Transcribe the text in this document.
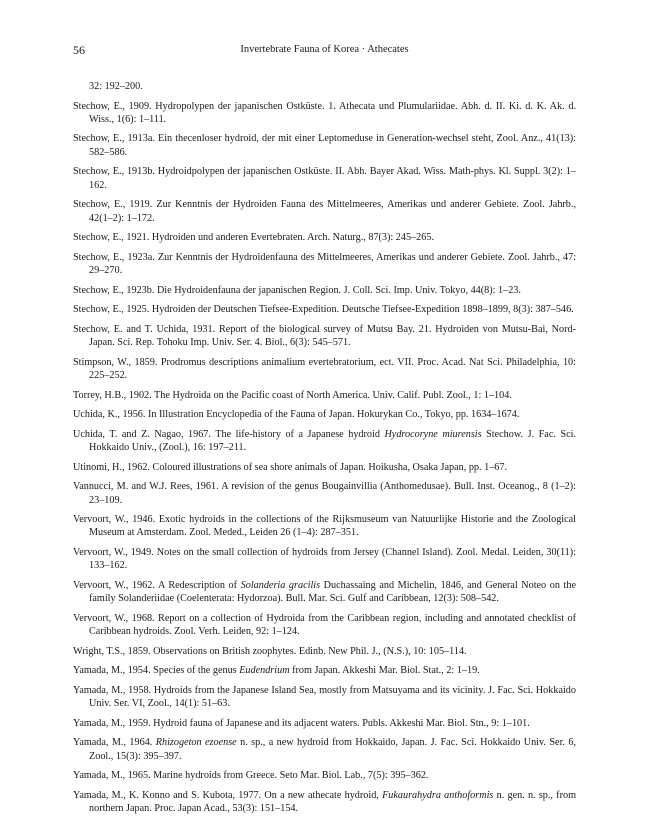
56	Invertebrate Fauna of Korea · Athecates

32: 192–200.

Stechow, E., 1909. Hydropolypen der japanischen Ostküste. 1. Athecata und Plumulariidae. Abh. d. II. Ki. d. K. Ak. d. Wiss., 1(6): 1–111.

Stechow, E., 1913a. Ein thecenloser hydroid, der mit einer Leptomeduse in Generation-wechsel steht, Zool. Anz., 41(13): 582–586.

Stechow, E., 1913b. Hydroidpolypen der japanischen Ostküste. II. Abh. Bayer Akad. Wiss. Math-phys. Kl. Suppl. 3(2): 1–162.

Stechow, E., 1919. Zur Kenntnis der Hydroiden Fauna des Mittelmeeres, Amerikas und anderer Gebiete. Zool. Jahrb., 42(1–2): 1–172.

Stechow, E., 1921. Hydroiden und anderen Evertebraten. Arch. Naturg., 87(3): 245–265.

Stechow, E., 1923a. Zur Kenntnis der Hydroidenfauna des Mittelmeeres, Amerikas und anderer Gebiete. Zool. Jahrb., 47: 29–270.

Stechow, E., 1923b. Die Hydroidenfauna der japanischen Region. J. Coll. Sci. Imp. Univ. Tokyo, 44(8): 1–23.

Stechow, E., 1925. Hydroiden der Deutschen Tiefsee-Expedition. Deutsche Tiefsee-Expedition 1898–1899, 8(3): 387–546.

Stechow, E. and T. Uchida, 1931. Report of the biological survey of Mutsu Bay. 21. Hydroiden von Mutsu-Bai, Nord-Japan. Sci. Rep. Tohoku Imp. Univ. Ser. 4. Biol., 6(3): 545–571.

Stimpson, W., 1859. Prodromus descriptions animalium evertebratorium, ect. VII. Proc. Acad. Nat Sci. Philadelphia, 10: 225–252.

Torrey, H.B., 1902. The Hydroida on the Pacific coast of North America. Univ. Calif. Publ. Zool., 1: 1–104.

Uchida, K., 1956. In Illustration Encyclopedia of the Fauna of Japan. Hokurykan Co., Tokyo, pp. 1634–1674.

Uchida, T. and Z. Nagao, 1967. The life-history of a Japanese hydroid Hydrocoryne miurensis Stechow. J. Fac. Sci. Hokkaido Univ., (Zool.), 16: 197–211.

Utinomi, H., 1962. Coloured illustrations of sea shore animals of Japan. Hoikusha, Osaka Japan, pp. 1–67.

Vannucci, M. and W.J. Rees, 1961. A revision of the genus Bougainvillia (Anthomedusae). Bull. Inst. Oceanog., 8 (1–2): 23–109.

Vervoort, W., 1946. Exotic hydroids in the collections of the Rijksmuseum van Natuurlijke Historie and the Zoological Museum at Amsterdam. Zool. Meded., Leiden 26 (1–4): 287–351.

Vervoort, W., 1949. Notes on the small collection of hydroids from Jersey (Channel Island). Zool. Medal. Leiden, 30(11): 133–162.

Vervoort, W., 1962. A Redescription of Solanderia gracilis Duchassaing and Michelin, 1846, and General Noteo on the family Solanderiidae (Coelenterata: Hydorzoa). Bull. Mar. Sci. Gulf and Caribbean, 12(3): 508–542.

Vervoort, W., 1968. Report on a collection of Hydroida from the Caribbean region, including and annotated checklist of Caribbean hydroids. Zool. Verh. Leiden, 92: 1–124.

Wright, T.S., 1859. Observations on British zoophytes. Edinb. New Phil. J., (N.S.), 10: 105–114.

Yamada, M., 1954. Species of the genus Eudendrium from Japan. Akkeshi Mar. Biol. Stat., 2: 1–19.

Yamada, M., 1958. Hydroids from the Japanese Island Sea, mostly from Matsuyama and its vicinity. J. Fac. Sci. Hokkaido Univ. Ser. VI, Zool., 14(1): 51–63.

Yamada, M., 1959. Hydroid fauna of Japanese and its adjacent waters. Publs. Akkeshi Mar. Biol. Stn., 9: 1–101.

Yamada, M., 1964. Rhizogeton ezoense n. sp., a new hydroid from Hokkaido, Japan. J. Fac. Sci. Hokkaido Univ. Ser. 6, Zool., 15(3): 395–397.

Yamada, M., 1965. Marine hydroids from Greece. Seto Mar. Biol. Lab., 7(5): 395–362.

Yamada, M., K. Konno and S. Kubota, 1977. On a new athecate hydroid, Fukaurahydra anthoformis n. gen. n. sp., from northern Japan. Proc. Japan Acad., 53(3): 151–154.
